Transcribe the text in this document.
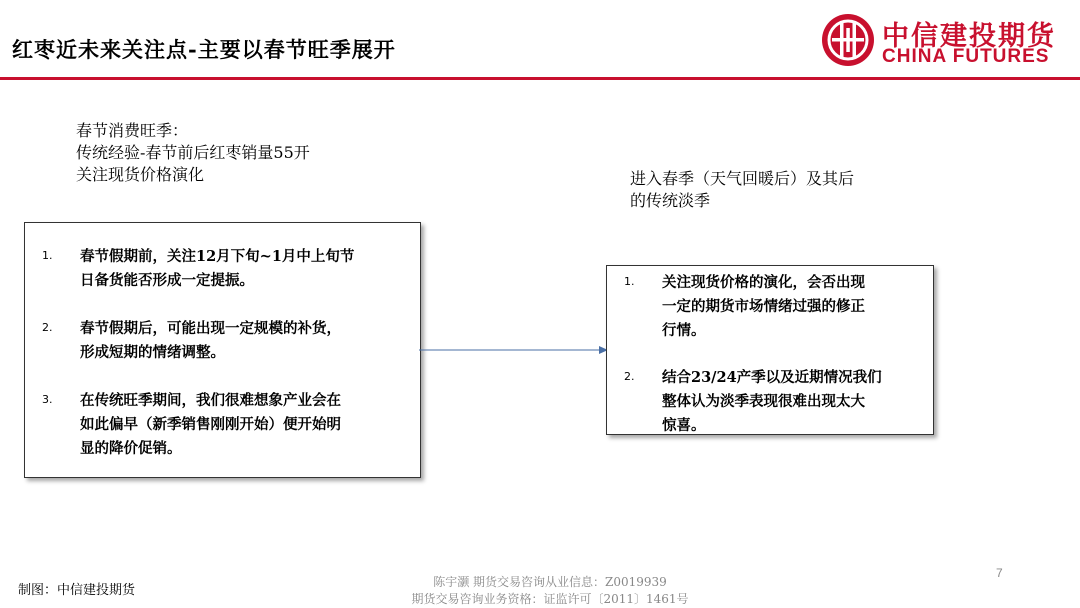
红枣近未来关注点-主要以春节旺季展开	中信建投期货
CHINA FUTURES
春节消费旺季：
传统经验-春节前后红枣销量55开
关注现货价格演化	进入春季（天气回暖后）及其后
的传统淡季
1.	春节假期前，关注12月下旬~1月中上旬节
日备货能否形成一定提振。
2.	春节假期后，可能出现一定规模的补货，
形成短期的情绪调整。
3.	在传统旺季期间，我们很难想象产业会在
如此偏早（新季销售刚刚开始）便开始明
显的降价促销。
1.	关注现货价格的演化，会否出现
一定的期货市场情绪过强的修正
行情。
2.	结合23/24产季以及近期情况我们
整体认为淡季表现很难出现太大
惊喜。
制图：中信建投期货
陈宇灏 期货交易咨询从业信息：Z0019939
期货交易咨询业务资格：证监许可〔2011〕1461号
7
